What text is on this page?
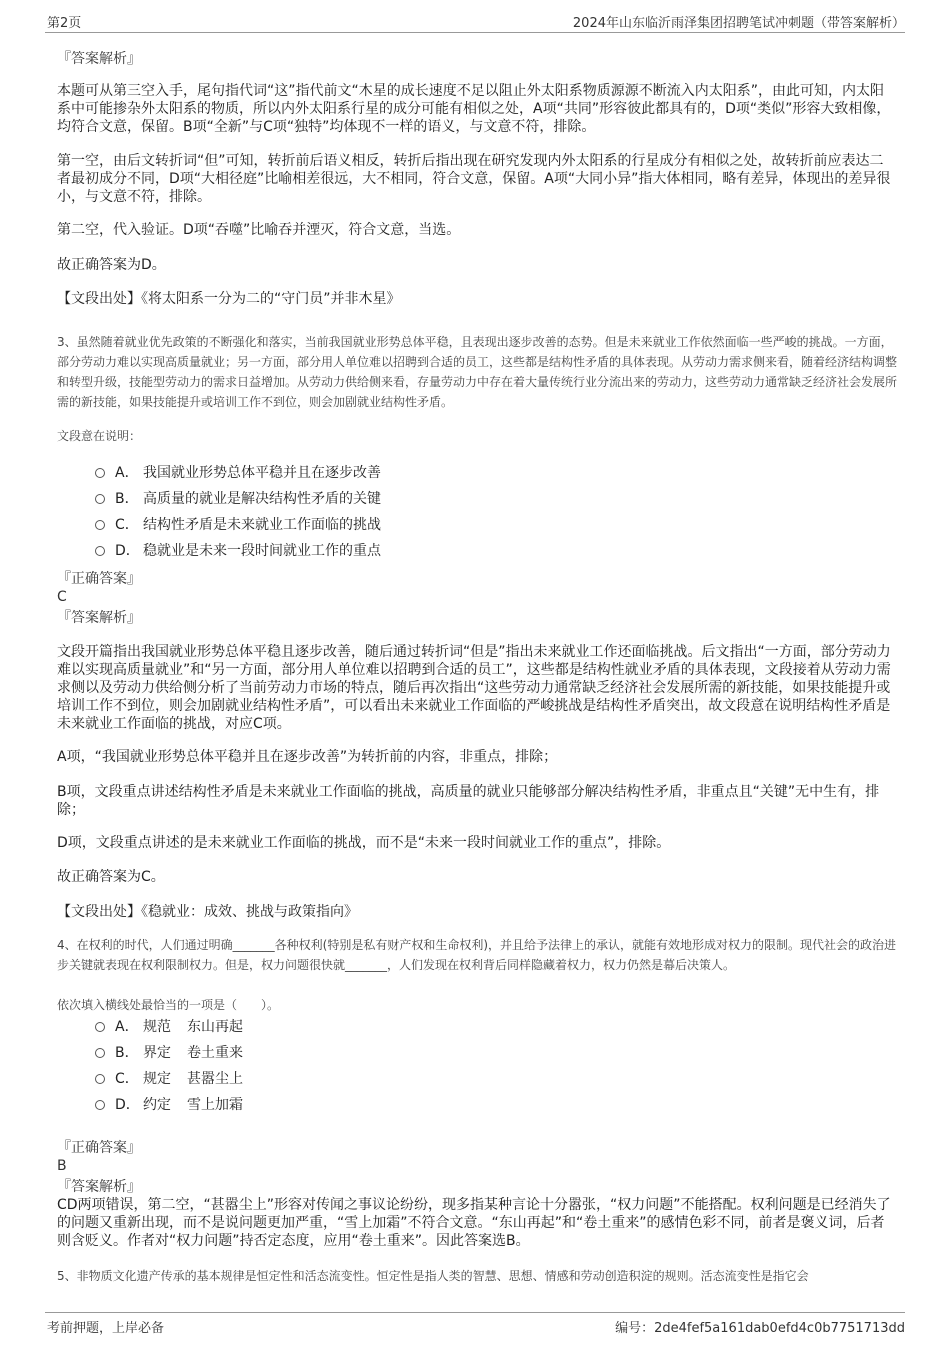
第2页	2024年山东临沂雨泽集团招聘笔试冲刺题（带答案解析）
『答案解析』
本题可从第三空入手，尾句指代词“这”指代前文“木星的成长速度不足以阻止外太阳系物质源源不断流入内太阳系”，由此可知，内太阳系中可能掺杂外太阳系的物质，所以内外太阳系行星的成分可能有相似之处，A项“共同”形容彼此都具有的，D项“类似”形容大致相像，均符合文意，保留。B项“全新”与C项“独特”均体现不一样的语义，与文意不符，排除。
第一空，由后文转折词“但”可知，转折前后语义相反，转折后指出现在研究发现内外太阳系的行星成分有相似之处，故转折前应表达二者最初成分不同，D项“大相径庭”比喻相差很远，大不相同，符合文意，保留。A项“大同小异”指大体相同，略有差异，体现出的差异很小，与文意不符，排除。
第二空，代入验证。D项“吞噬”比喻吞并湮灭，符合文意，当选。
故正确答案为D。
【文段出处】《将太阳系一分为二的“守门员”并非木星》
3、虽然随着就业优先政策的不断强化和落实，当前我国就业形势总体平稳，且表现出逐步改善的态势。但是未来就业工作依然面临一些严峻的挑战。一方面，部分劳动力难以实现高质量就业；另一方面，部分用人单位难以招聘到合适的员工，这些都是结构性矛盾的具体表现。从劳动力需求侧来看，随着经济结构调整和转型升级，技能型劳动力的需求日益增加。从劳动力供给侧来看，存量劳动力中存在着大量传统行业分流出来的劳动力，这些劳动力通常缺乏经济社会发展所需的新技能，如果技能提升或培训工作不到位，则会加剧就业结构性矛盾。
文段意在说明：
A． 我国就业形势总体平稳并且在逐步改善
B． 高质量的就业是解决结构性矛盾的关键
C． 结构性矛盾是未来就业工作面临的挑战
D． 稳就业是未来一段时间就业工作的重点
『正确答案』
C
『答案解析』
文段开篇指出我国就业形势总体平稳且逐步改善，随后通过转折词“但是”指出未来就业工作还面临挑战。后文指出“一方面，部分劳动力难以实现高质量就业”和“另一方面，部分用人单位难以招聘到合适的员工”，这些都是结构性就业矛盾的具体表现，文段接着从劳动力需求侧以及劳动力供给侧分析了当前劳动力市场的特点，随后再次指出“这些劳动力通常缺乏经济社会发展所需的新技能，如果技能提升或培训工作不到位，则会加剧就业结构性矛盾”，可以看出未来就业工作面临的严峻挑战是结构性矛盾突出，故文段意在说明结构性矛盾是未来就业工作面临的挑战，对应C项。
A项，“我国就业形势总体平稳并且在逐步改善”为转折前的内容，非重点，排除；
B项，文段重点讲述结构性矛盾是未来就业工作面临的挑战，高质量的就业只能够部分解决结构性矛盾，非重点且“关键”无中生有，排除；
D项，文段重点讲述的是未来就业工作面临的挑战，而不是“未来一段时间就业工作的重点”，排除。
故正确答案为C。
【文段出处】《稳就业：成效、挑战与政策指向》
4、在权利的时代，人们通过明确_______各种权利(特别是私有财产权和生命权利)，并且给予法律上的承认，就能有效地形成对权力的限制。现代社会的政治进步关键就表现在权利限制权力。但是，权力问题很快就_______，人们发现在权利背后同样隐藏着权力，权力仍然是幕后决策人。
依次填入横线处最恰当的一项是（　　）。
A． 规范 东山再起
B． 界定 卷土重来
C． 规定 甚嚣尘上
D． 约定 雪上加霜
『正确答案』
B
『答案解析』
CD两项错误，第二空，“甚嚣尘上”形容对传闻之事议论纷纷，现多指某种言论十分嚣张，“权力问题”不能搭配。权利问题是已经消失了的问题又重新出现，而不是说问题更加严重，“雪上加霜”不符合文意。“东山再起”和“卷土重来”的感情色彩不同，前者是褒义词，后者则含贬义。作者对“权力问题”持否定态度，应用“卷土重来”。因此答案选B。
5、非物质文化遗产传承的基本规律是恒定性和活态流变性。恒定性是指人类的智慧、思想、情感和劳动创造积淀的规则。活态流变性是指它会
考前押题，上岸必备	编号：2de4fef5a161dab0efd4c0b7751713dd
